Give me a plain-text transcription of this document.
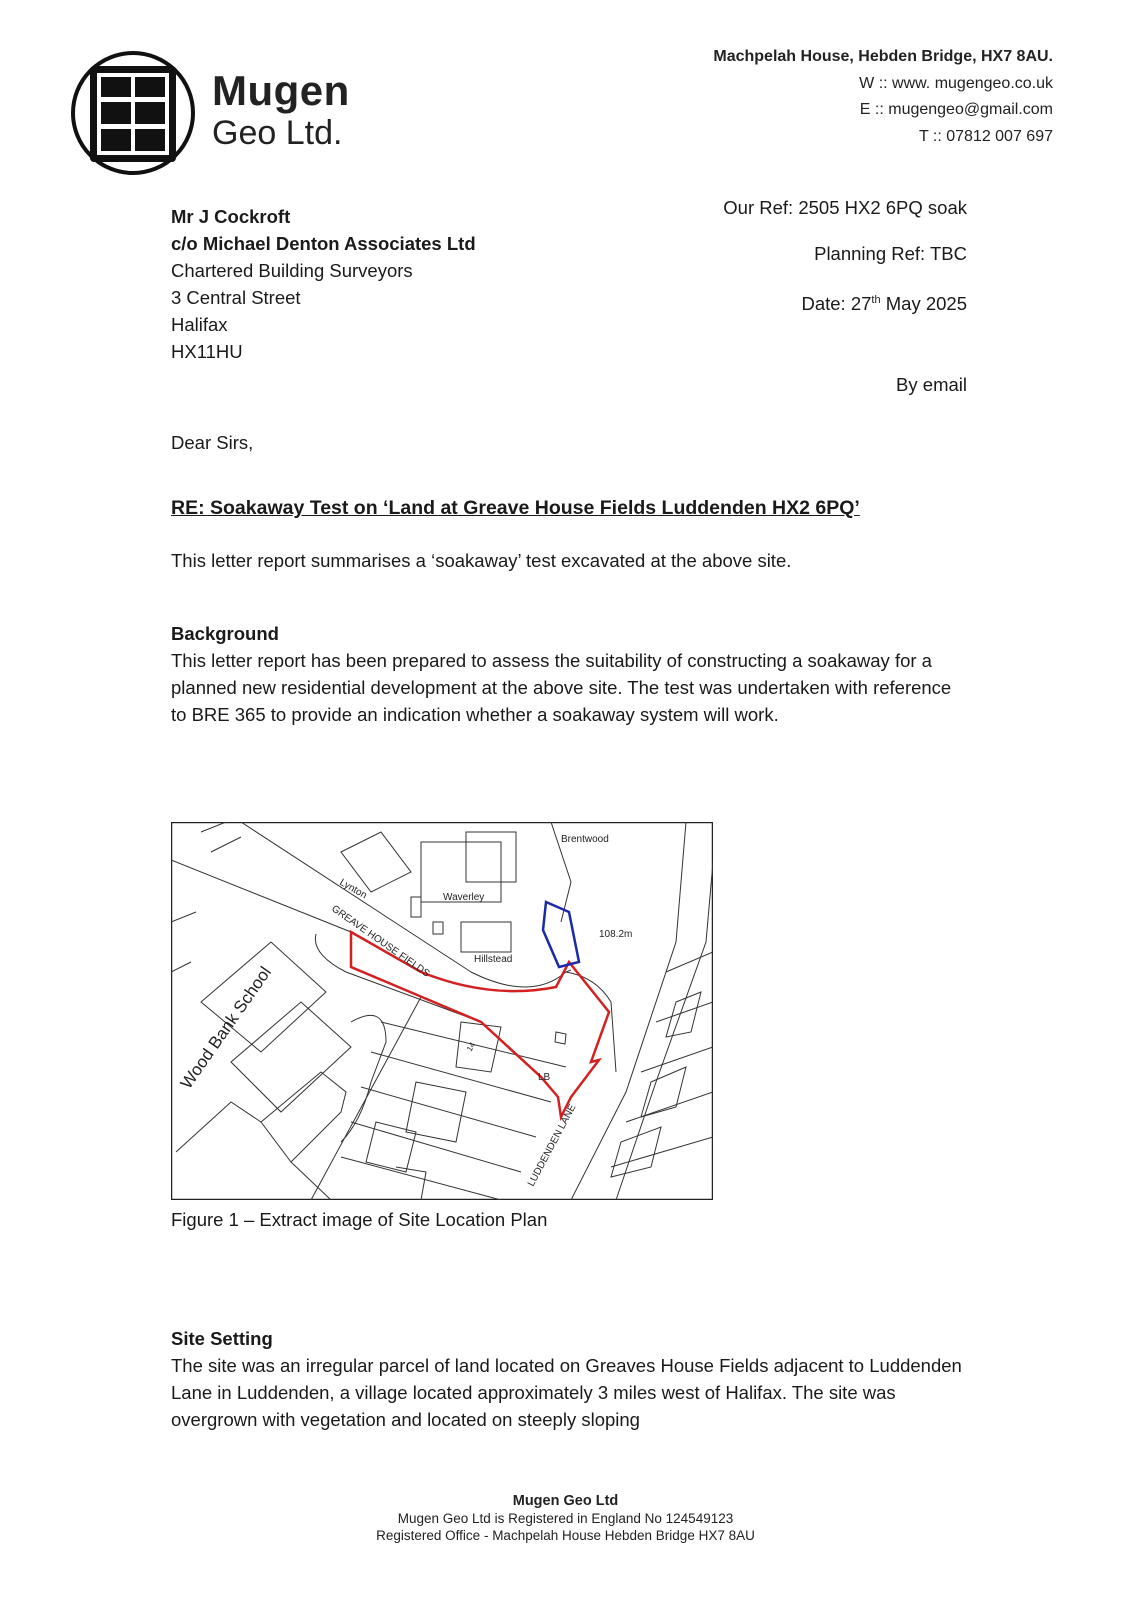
Mugen
Geo Ltd.
Machpelah House, Hebden Bridge, HX7 8AU.
W :: www. mugengeo.co.uk
E :: mugengeo@gmail.com
T :: 07812 007 697
Mr J Cockroft
c/o Michael Denton Associates Ltd
Chartered Building Surveyors
3 Central Street
Halifax
HX11HU
Our Ref: 2505 HX2 6PQ soak
Planning Ref: TBC
Date: 27th May 2025
By email
Dear Sirs,
RE: Soakaway Test on ‘Land at Greave House Fields Luddenden HX2 6PQ’
This letter report summarises a ‘soakaway’ test excavated at the above site.
Background
This letter report has been prepared to assess the suitability of constructing a soakaway for a planned new residential development at the above site. The test was undertaken with reference to BRE 365 to provide an indication whether a soakaway system will work.
Lynton	Waverley
Brentwood
108.2m
Hillstead
GREAVE HOUSE FIELDS
LB
14
LUDDENDEN LANE
Wood Bank School
Figure 1 – Extract image of Site Location Plan
Site Setting
The site was an irregular parcel of land located on Greaves House Fields adjacent to Luddenden Lane in Luddenden, a village located approximately 3 miles west of Halifax. The site was overgrown with vegetation and located on steeply sloping
Mugen Geo Ltd
Mugen Geo Ltd is Registered in England No 124549123
Registered Office - Machpelah House Hebden Bridge HX7 8AU
